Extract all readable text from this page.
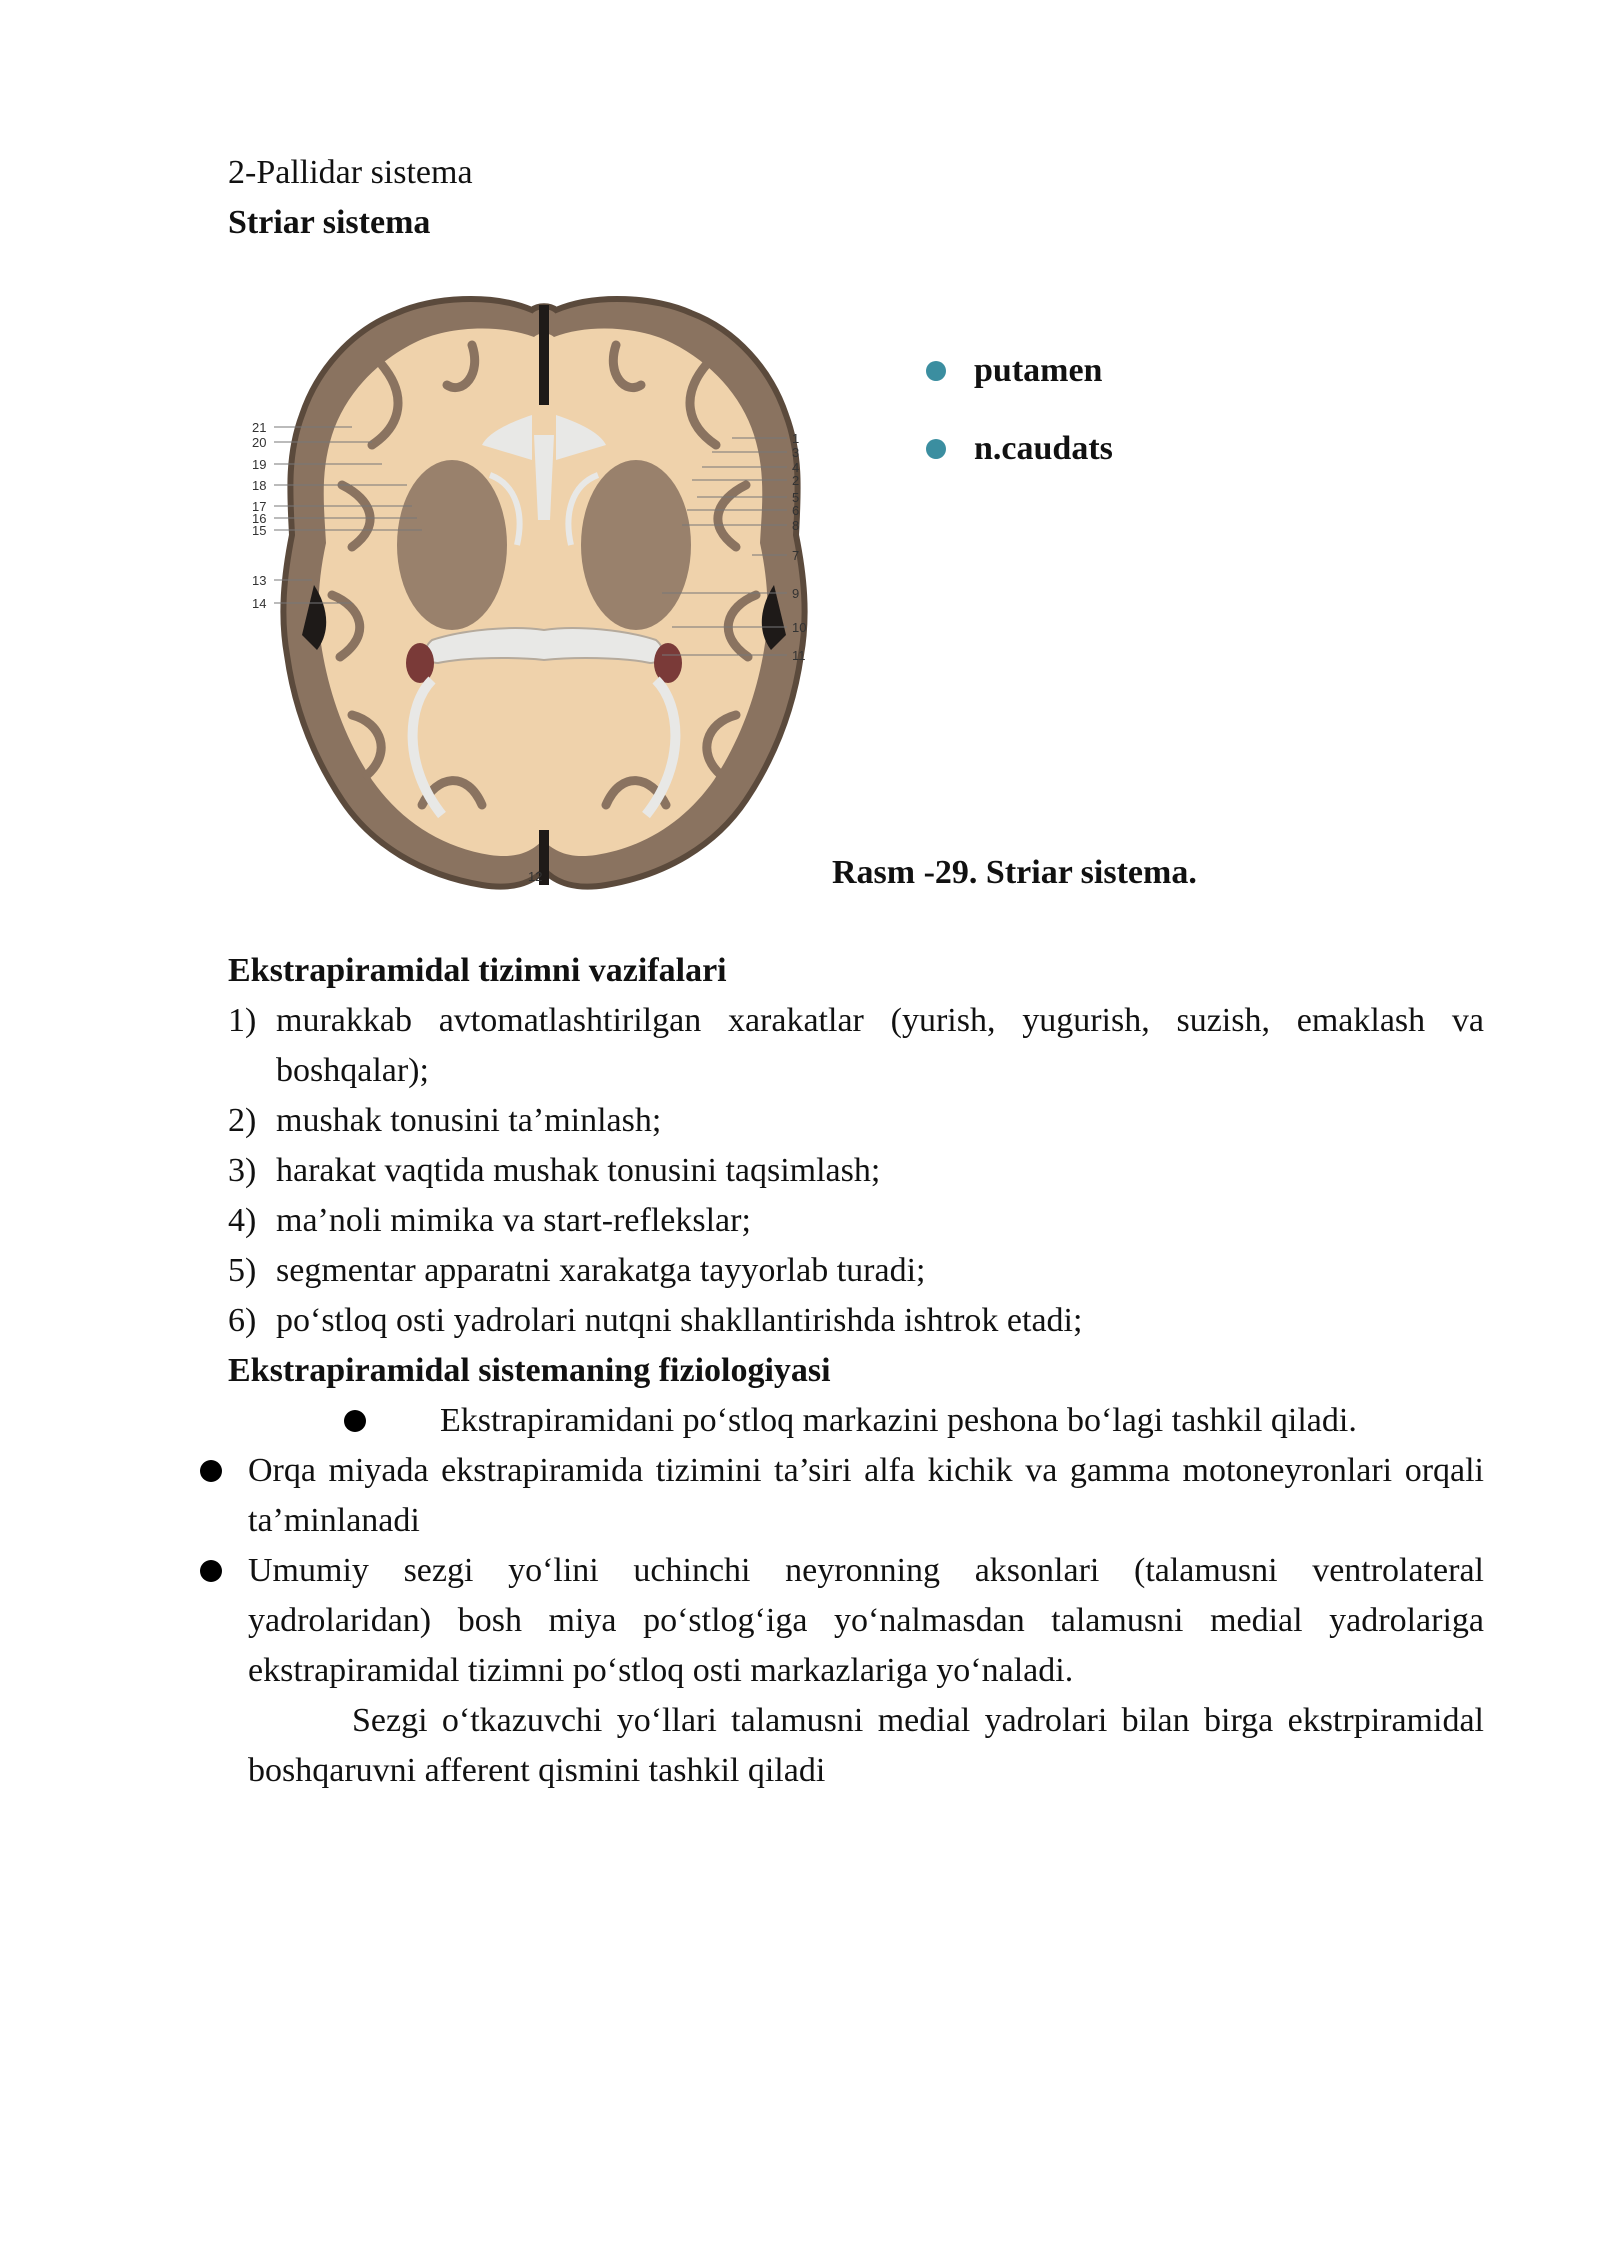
2-Pallidar sistema
Striar sistema
21
20
19
18
17
16
15
13
14
1
3
4
2
5
6
8
7
9
10
11
12
putamen
n.caudats
Rasm -29. Striar sistema.
Ekstrapiramidal tizimni vazifalari
1) murakkab avtomatlashtirilgan xarakatlar (yurish, yugurish, suzish, emaklash va boshqalar);
2) mushak tonusini ta’minlash;
3) harakat vaqtida mushak tonusini taqsimlash;
4) ma’noli mimika va start-reflekslar;
5) segmentar apparatni xarakatga tayyorlab turadi;
6) po‘stloq osti yadrolari nutqni shakllantirishda ishtrok etadi;
Ekstrapiramidal sistemaning fiziologiyasi
Ekstrapiramidani po‘stloq markazini peshona bo‘lagi tashkil qiladi.
Orqa miyada ekstrapiramida tizimini ta’siri alfa kichik va gamma motoneyronlari orqali ta’minlanadi
Umumiy sezgi yo‘lini uchinchi neyronning aksonlari (talamusni ventrolateral yadrolaridan) bosh miya po‘stlog‘iga yo‘nalmasdan talamusni medial yadrolariga ekstrapiramidal tizimni po‘stloq osti markazlariga yo‘naladi.
Sezgi o‘tkazuvchi yo‘llari talamusni medial yadrolari bilan birga ekstrpiramidal boshqaruvni afferent qismini tashkil qiladi
